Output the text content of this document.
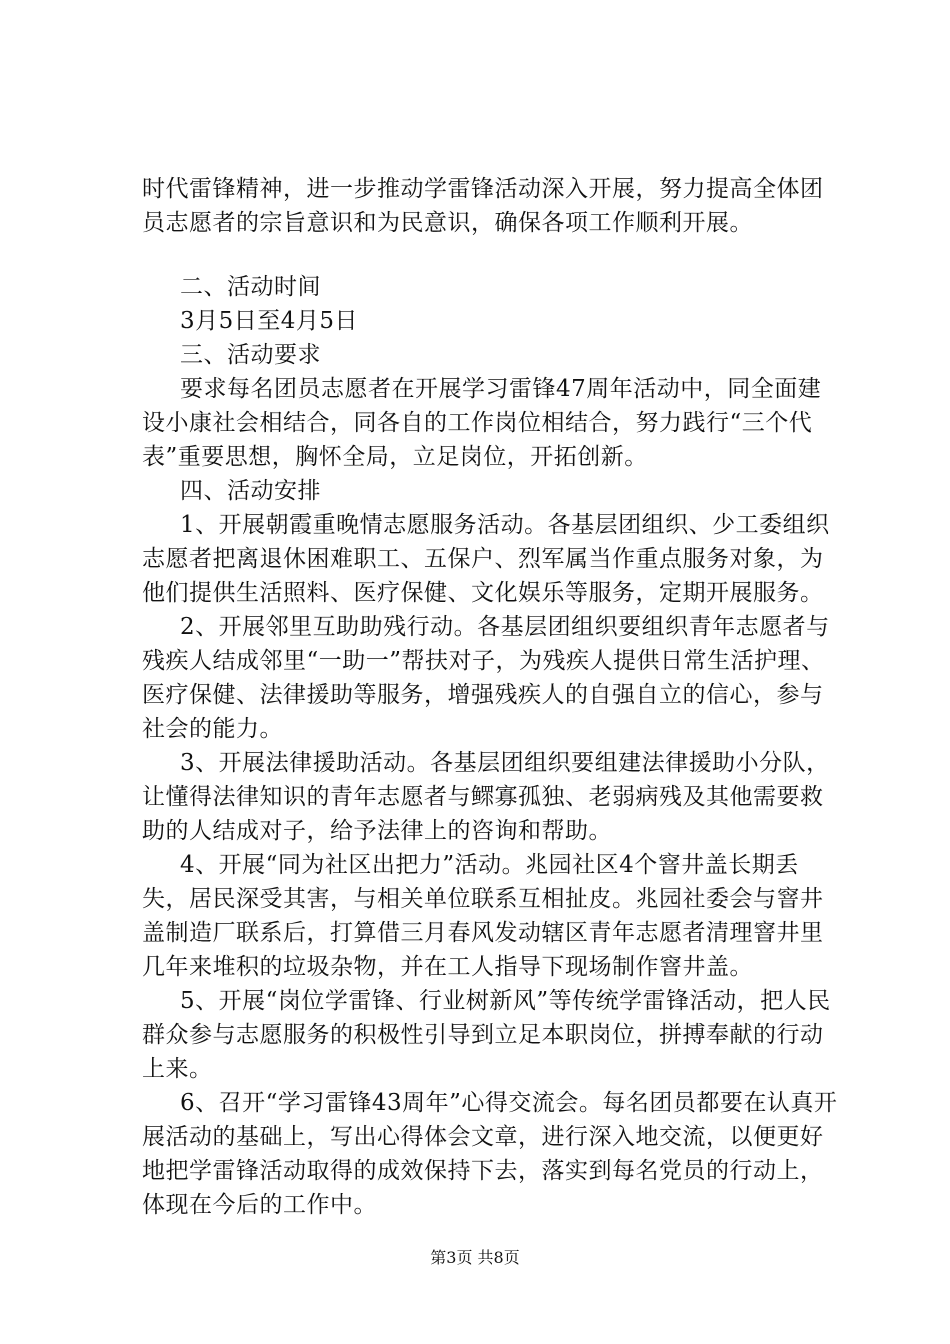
时代雷锋精神，进一步推动学雷锋活动深入开展，努力提高全体团员志愿者的宗旨意识和为民意识，确保各项工作顺利开展。

二、活动时间

3月5日至4月5日

三、活动要求

要求每名团员志愿者在开展学习雷锋47周年活动中，同全面建设小康社会相结合，同各自的工作岗位相结合，努力践行“三个代表”重要思想，胸怀全局，立足岗位，开拓创新。

四、活动安排

1、开展朝霞重晚情志愿服务活动。各基层团组织、少工委组织志愿者把离退休困难职工、五保户、烈军属当作重点服务对象，为他们提供生活照料、医疗保健、文化娱乐等服务，定期开展服务。

2、开展邻里互助助残行动。各基层团组织要组织青年志愿者与残疾人结成邻里“一助一”帮扶对子，为残疾人提供日常生活护理、医疗保健、法律援助等服务，增强残疾人的自强自立的信心，参与社会的能力。

3、开展法律援助活动。各基层团组织要组建法律援助小分队，让懂得法律知识的青年志愿者与鳏寡孤独、老弱病残及其他需要救助的人结成对子，给予法律上的咨询和帮助。

4、开展“同为社区出把力”活动。兆园社区4个窨井盖长期丢失，居民深受其害，与相关单位联系互相扯皮。兆园社委会与窨井盖制造厂联系后，打算借三月春风发动辖区青年志愿者清理窨井里几年来堆积的垃圾杂物，并在工人指导下现场制作窨井盖。

5、开展“岗位学雷锋、行业树新风”等传统学雷锋活动，把人民群众参与志愿服务的积极性引导到立足本职岗位，拼搏奉献的行动上来。

6、召开“学习雷锋43周年”心得交流会。每名团员都要在认真开展活动的基础上，写出心得体会文章，进行深入地交流，以便更好地把学雷锋活动取得的成效保持下去，落实到每名党员的行动上，体现在今后的工作中。

第3页 共8页
